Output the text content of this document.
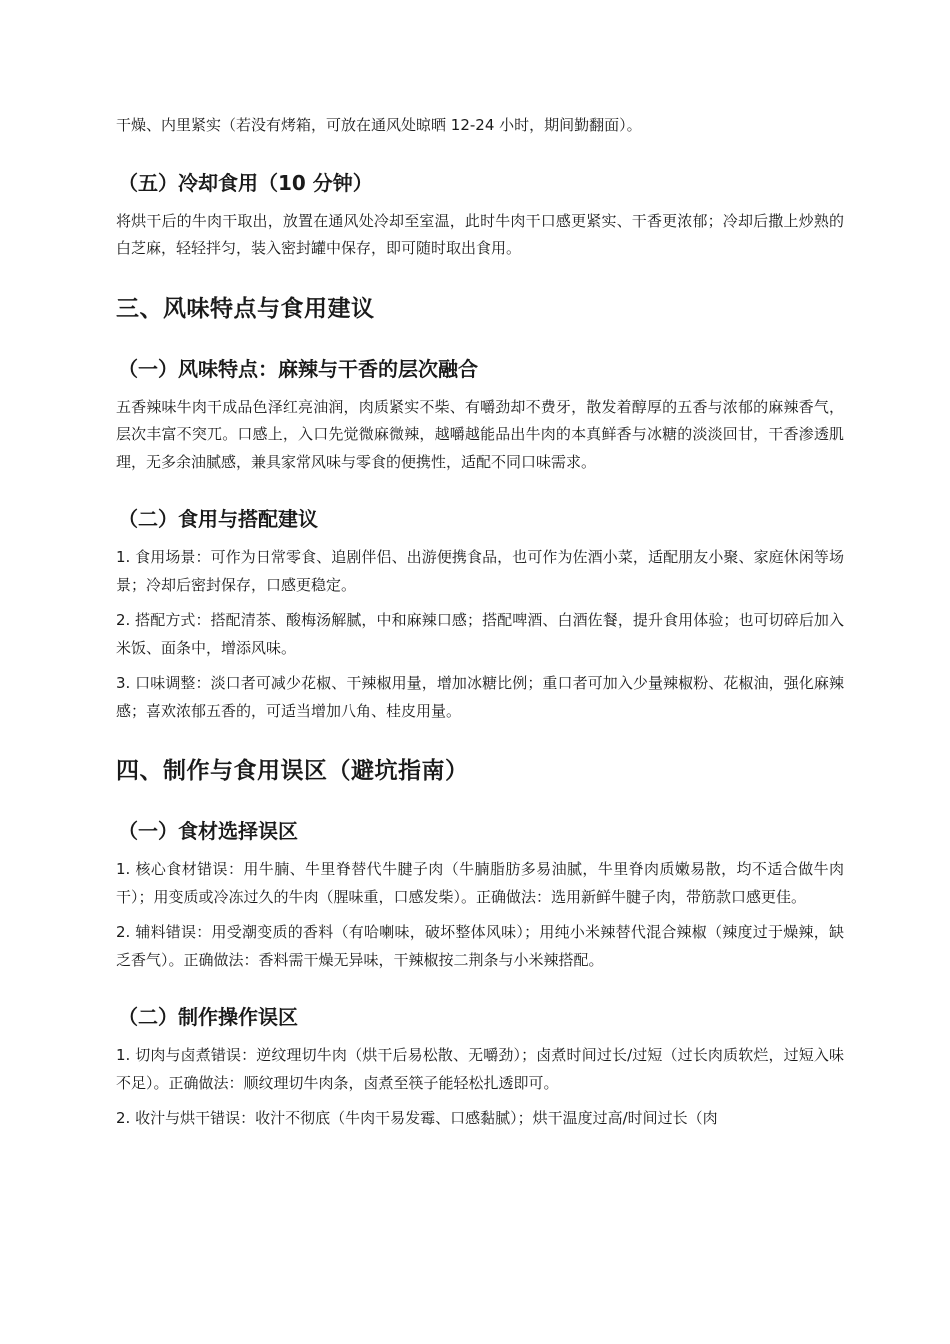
干燥、内里紧实（若没有烤箱，可放在通风处晾晒 12-24 小时，期间勤翻面）。

（五）冷却食用（10 分钟）

将烘干后的牛肉干取出，放置在通风处冷却至室温，此时牛肉干口感更紧实、干香更浓郁；冷却后撒上炒熟的白芝麻，轻轻拌匀，装入密封罐中保存，即可随时取出食用。

三、风味特点与食用建议

（一）风味特点：麻辣与干香的层次融合

五香辣味牛肉干成品色泽红亮油润，肉质紧实不柴、有嚼劲却不费牙，散发着醇厚的五香与浓郁的麻辣香气，层次丰富不突兀。口感上，入口先觉微麻微辣，越嚼越能品出牛肉的本真鲜香与冰糖的淡淡回甘，干香渗透肌理，无多余油腻感，兼具家常风味与零食的便携性，适配不同口味需求。

（二）食用与搭配建议

1. 食用场景：可作为日常零食、追剧伴侣、出游便携食品，也可作为佐酒小菜，适配朋友小聚、家庭休闲等场景；冷却后密封保存，口感更稳定。

2. 搭配方式：搭配清茶、酸梅汤解腻，中和麻辣口感；搭配啤酒、白酒佐餐，提升食用体验；也可切碎后加入米饭、面条中，增添风味。

3. 口味调整：淡口者可减少花椒、干辣椒用量，增加冰糖比例；重口者可加入少量辣椒粉、花椒油，强化麻辣感；喜欢浓郁五香的，可适当增加八角、桂皮用量。

四、制作与食用误区（避坑指南）

（一）食材选择误区

1. 核心食材错误：用牛腩、牛里脊替代牛腱子肉（牛腩脂肪多易油腻，牛里脊肉质嫩易散，均不适合做牛肉干）；用变质或冷冻过久的牛肉（腥味重，口感发柴）。正确做法：选用新鲜牛腱子肉，带筋款口感更佳。

2. 辅料错误：用受潮变质的香料（有哈喇味，破坏整体风味）；用纯小米辣替代混合辣椒（辣度过于燥辣，缺乏香气）。正确做法：香料需干燥无异味，干辣椒按二荆条与小米辣搭配。

（二）制作操作误区

1. 切肉与卤煮错误：逆纹理切牛肉（烘干后易松散、无嚼劲）；卤煮时间过长/过短（过长肉质软烂，过短入味不足）。正确做法：顺纹理切牛肉条，卤煮至筷子能轻松扎透即可。

2. 收汁与烘干错误：收汁不彻底（牛肉干易发霉、口感黏腻）；烘干温度过高/时间过长（肉
